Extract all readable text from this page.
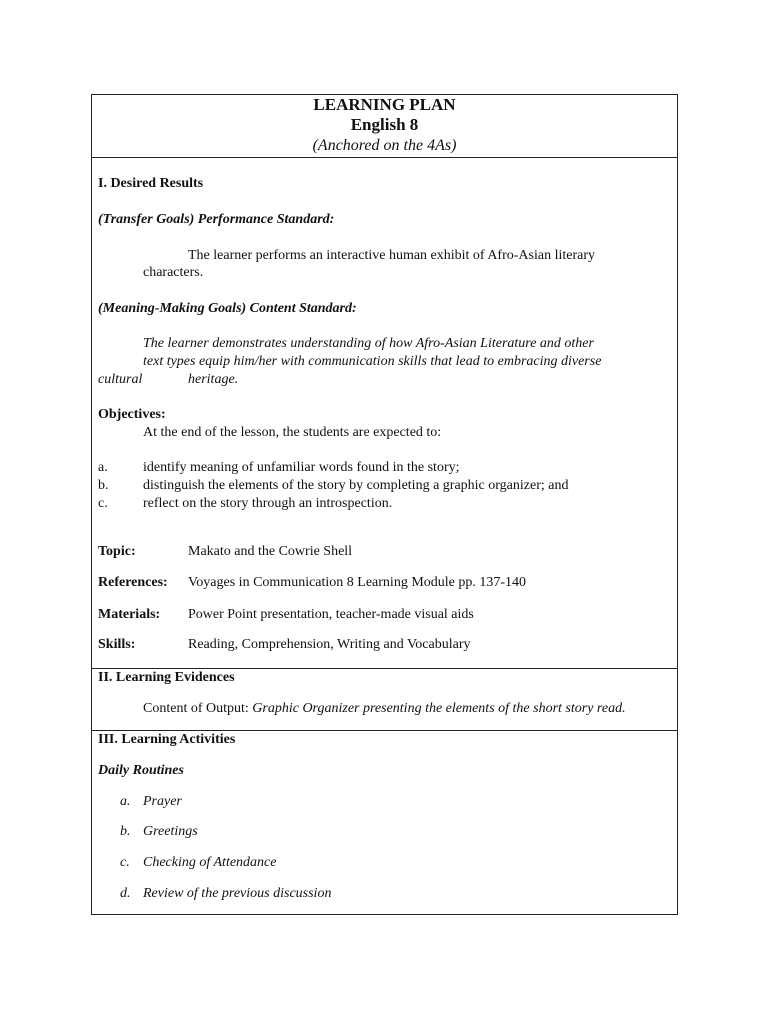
LEARNING PLAN
English 8
(Anchored on the 4As)
I. Desired Results
(Transfer Goals) Performance Standard:
The learner performs an interactive human exhibit of Afro-Asian literary
characters.
(Meaning-Making Goals) Content Standard:
The learner demonstrates understanding of how Afro-Asian Literature and other
text types equip him/her with communication skills that lead to embracing diverse
cultural	heritage.
Objectives:
At the end of the lesson, the students are expected to:
a.	identify meaning of unfamiliar words found in the story;
b. distinguish the elements of the story by completing a graphic organizer; and
c.	reflect on the story through an introspection.
Topic:	Makato and the Cowrie Shell
References: Voyages in Communication 8 Learning Module pp. 137-140
Materials: Power Point presentation, teacher-made visual aids
Skills:	Reading, Comprehension, Writing and Vocabulary
II. Learning Evidences
Content of Output: Graphic Organizer presenting the elements of the short story read.
III. Learning Activities
Daily Routines
a. Prayer
b. Greetings
c. Checking of Attendance
d. Review of the previous discussion
